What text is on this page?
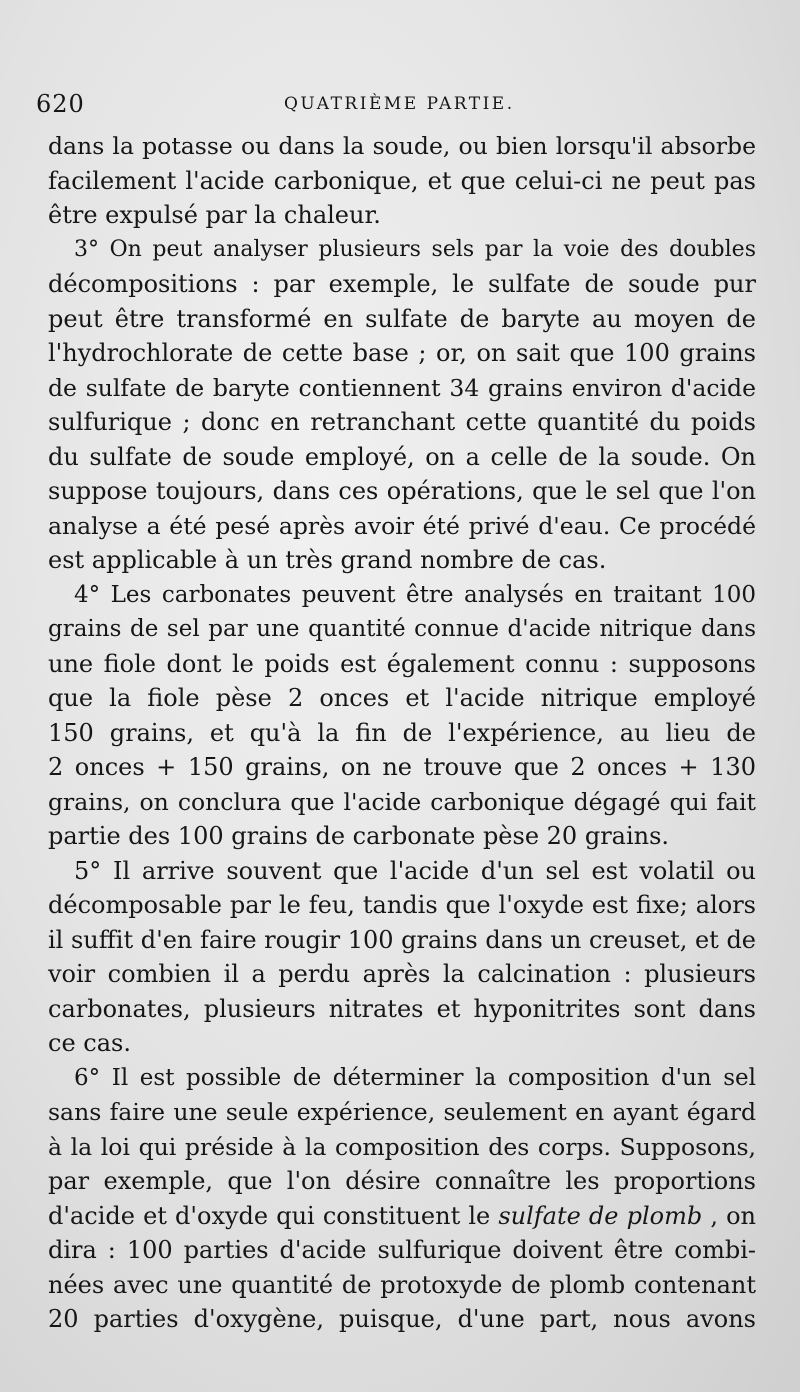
620	QUATRIÈME PARTIE.
dans la potasse ou dans la soude, ou bien lorsqu'il absorbe
facilement l'acide carbonique, et que celui-ci ne peut pas
être expulsé par la chaleur.
3° On peut analyser plusieurs sels par la voie des doubles
décompositions : par exemple, le sulfate de soude pur
peut être transformé en sulfate de baryte au moyen de
l'hydrochlorate de cette base ; or, on sait que 100 grains
de sulfate de baryte contiennent 34 grains environ d'acide
sulfurique ; donc en retranchant cette quantité du poids
du sulfate de soude employé, on a celle de la soude. On
suppose toujours, dans ces opérations, que le sel que l'on
analyse a été pesé après avoir été privé d'eau. Ce procédé
est applicable à un très grand nombre de cas.
4° Les carbonates peuvent être analysés en traitant 100
grains de sel par une quantité connue d'acide nitrique dans
une fiole dont le poids est également connu : supposons
que la fiole pèse 2 onces et l'acide nitrique employé
150 grains, et qu'à la fin de l'expérience, au lieu de
2 onces + 150 grains, on ne trouve que 2 onces + 130
grains, on conclura que l'acide carbonique dégagé qui fait
partie des 100 grains de carbonate pèse 20 grains.
5° Il arrive souvent que l'acide d'un sel est volatil ou
décomposable par le feu, tandis que l'oxyde est fixe; alors
il suffit d'en faire rougir 100 grains dans un creuset, et de
voir combien il a perdu après la calcination : plusieurs
carbonates, plusieurs nitrates et hyponitrites sont dans
ce cas.
6° Il est possible de déterminer la composition d'un sel
sans faire une seule expérience, seulement en ayant égard
à la loi qui préside à la composition des corps. Supposons,
par exemple, que l'on désire connaître les proportions
d'acide et d'oxyde qui constituent le sulfate de plomb , on
dira : 100 parties d'acide sulfurique doivent être combi-
nées avec une quantité de protoxyde de plomb contenant
20 parties d'oxygène, puisque, d'une part, nous avons
